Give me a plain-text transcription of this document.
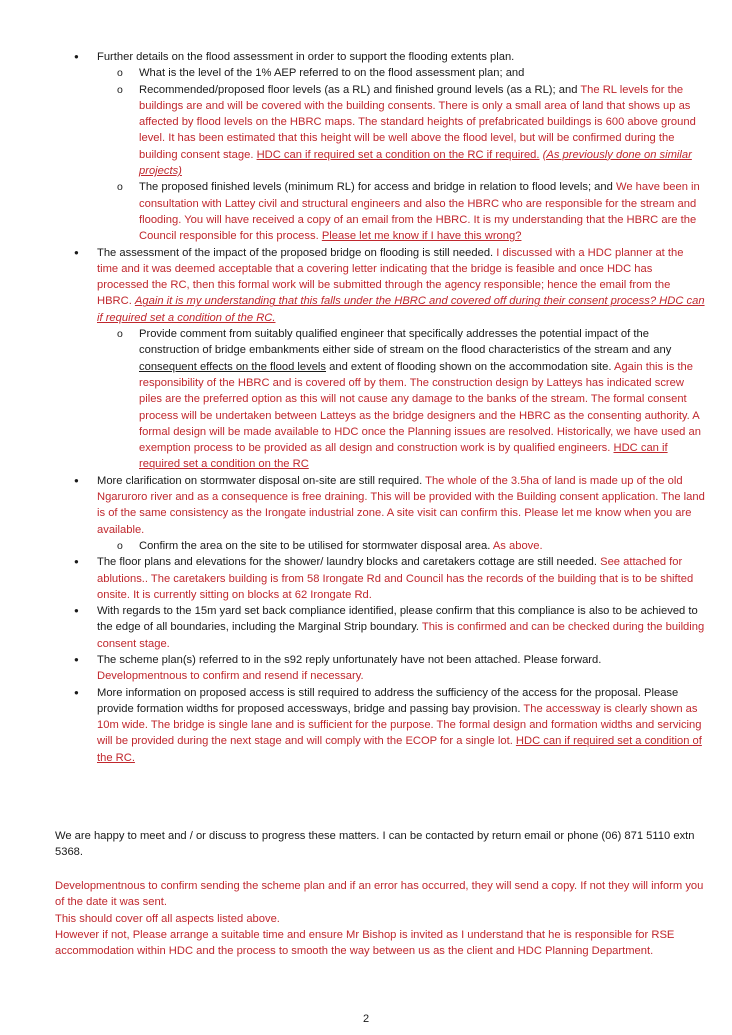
● Further details on the flood assessment in order to support the flooding extents plan.
o What is the level of the 1% AEP referred to on the flood assessment plan; and
o Recommended/proposed floor levels (as a RL) and finished ground levels (as a RL); and The RL levels for the buildings are and will be covered with the building consents. There is only a small area of land that shows up as affected by flood levels on the HBRC maps. The standard heights of prefabricated buildings is 600 above ground level. It has been estimated that this height will be well above the flood level, but will be confirmed during the building consent stage. HDC can if required set a condition on the RC if required. (As previously done on similar projects)
o The proposed finished levels (minimum RL) for access and bridge in relation to flood levels; and We have been in consultation with Lattey civil and structural engineers and also the HBRC who are responsible for the stream and flooding. You will have received a copy of an email from the HBRC. It is my understanding that the HBRC are the Council responsible for this process. Please let me know if I have this wrong?
● The assessment of the impact of the proposed bridge on flooding is still needed. I discussed with a HDC planner at the time and it was deemed acceptable that a covering letter indicating that the bridge is feasible and once HDC has processed the RC, then this formal work will be submitted through the agency responsible; hence the email from the HBRC. Again it is my understanding that this falls under the HBRC and covered off during their consent process? HDC can if required set a condition of the RC.
o Provide comment from suitably qualified engineer that specifically addresses the potential impact of the construction of bridge embankments either side of stream on the flood characteristics of the stream and any consequent effects on the flood levels and extent of flooding shown on the accommodation site. Again this is the responsibility of the HBRC and is covered off by them. The construction design by Latteys has indicated screw piles are the preferred option as this will not cause any damage to the banks of the stream. The formal consent process will be undertaken between Latteys as the bridge designers and the HBRC as the consenting authority. A formal design will be made available to HDC once the Planning issues are resolved. Historically, we have used an exemption process to be provided as all design and construction work is by qualified engineers. HDC can if required set a condition on the RC
● More clarification on stormwater disposal on-site are still required. The whole of the 3.5ha of land is made up of the old Ngaruroro river and as a consequence is free draining. This will be provided with the Building consent application. The land is of the same consistency as the Irongate industrial zone. A site visit can confirm this. Please let me know when you are available.
o Confirm the area on the site to be utilised for stormwater disposal area. As above.
● The floor plans and elevations for the shower/ laundry blocks and caretakers cottage are still needed. See attached for ablutions.. The caretakers building is from 58 Irongate Rd and Council has the records of the building that is to be shifted onsite. It is currently sitting on blocks at 62 Irongate Rd.
● With regards to the 15m yard set back compliance identified, please confirm that this compliance is also to be achieved to the edge of all boundaries, including the Marginal Strip boundary. This is confirmed and can be checked during the building consent stage.
● The scheme plan(s) referred to in the s92 reply unfortunately have not been attached. Please forward.
Developmentnous to confirm and resend if necessary.
● More information on proposed access is still required to address the sufficiency of the access for the proposal. Please provide formation widths for proposed accessways, bridge and passing bay provision. The accessway is clearly shown as 10m wide. The bridge is single lane and is sufficient for the purpose. The formal design and formation widths and servicing will be provided during the next stage and will comply with the ECOP for a single lot. HDC can if required set a condition of the RC.
We are happy to meet and / or discuss to progress these matters. I can be contacted by return email or phone (06) 871 5110 extn 5368.
Developmentnous to confirm sending the scheme plan and if an error has occurred, they will send a copy. If not they will inform you of the date it was sent.
This should cover off all aspects listed above.
However if not, Please arrange a suitable time and ensure Mr Bishop is invited as I understand that he is responsible for RSE accommodation within HDC and the process to smooth the way between us as the client and HDC Planning Department.
2
